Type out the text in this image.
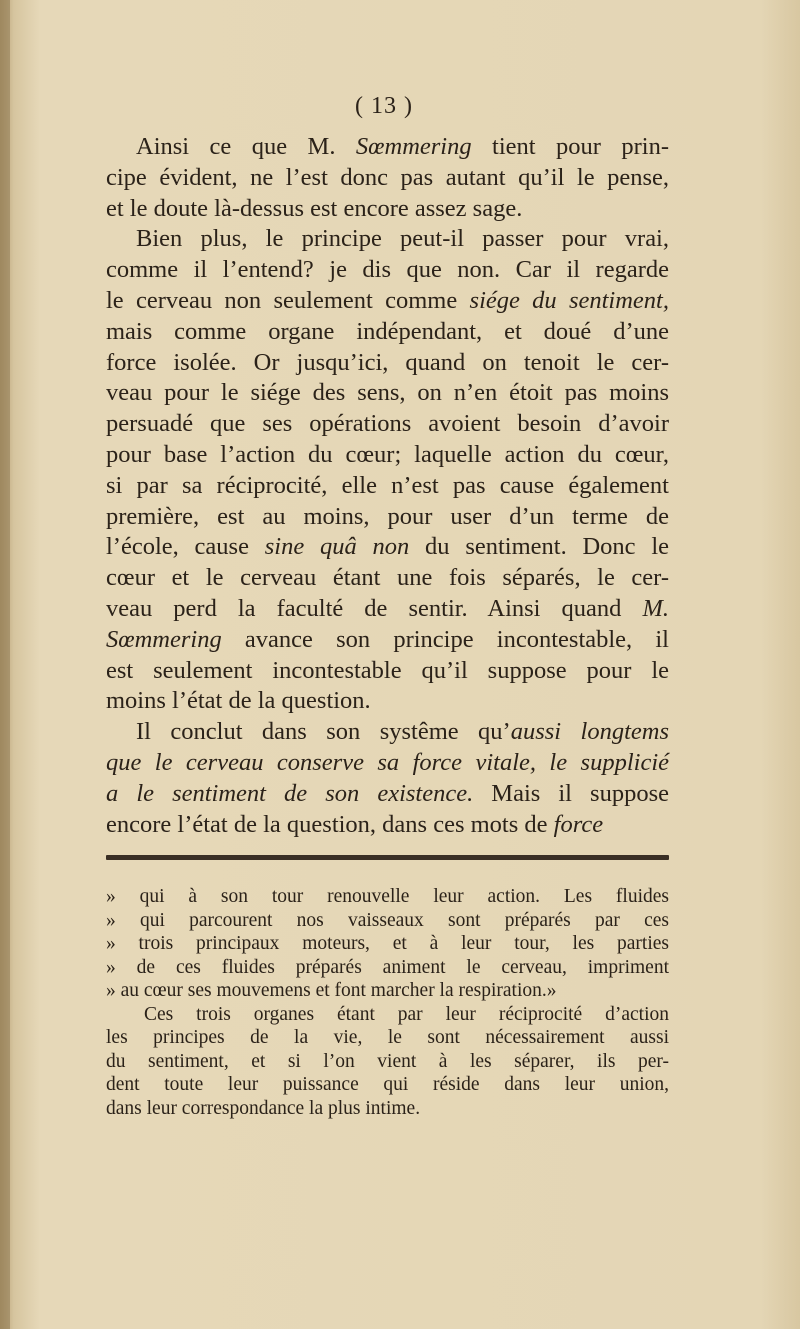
( 13 )
Ainsi ce que M. Sœmmering tient pour prin-
cipe évident, ne l’est donc pas autant qu’il le pense,
et le doute là-dessus est encore assez sage.
Bien plus, le principe peut-il passer pour vrai,
comme il l’entend? je dis que non. Car il regarde
le cerveau non seulement comme siége du sentiment,
mais comme organe indépendant, et doué d’une
force isolée. Or jusqu’ici, quand on tenoit le cer-
veau pour le siége des sens, on n’en étoit pas moins
persuadé que ses opérations avoient besoin d’avoir
pour base l’action du cœur; laquelle action du cœur,
si par sa réciprocité, elle n’est pas cause également
première, est au moins, pour user d’un terme de
l’école, cause sine quâ non du sentiment. Donc le
cœur et le cerveau étant une fois séparés, le cer-
veau perd la faculté de sentir. Ainsi quand M.
Sœmmering avance son principe incontestable, il
est seulement incontestable qu’il suppose pour le
moins l’état de la question.
Il conclut dans son systême qu’aussi longtems
que le cerveau conserve sa force vitale, le supplicié
a le sentiment de son existence. Mais il suppose
encore l’état de la question, dans ces mots de force
» qui à son tour renouvelle leur action. Les fluides
» qui parcourent nos vaisseaux sont préparés par ces
» trois principaux moteurs, et à leur tour, les parties
» de ces fluides préparés animent le cerveau, impriment
» au cœur ses mouvemens et font marcher la respiration.»
Ces trois organes étant par leur réciprocité d’action
les principes de la vie, le sont nécessairement aussi
du sentiment, et si l’on vient à les séparer, ils per-
dent toute leur puissance qui réside dans leur union,
dans leur correspondance la plus intime.
